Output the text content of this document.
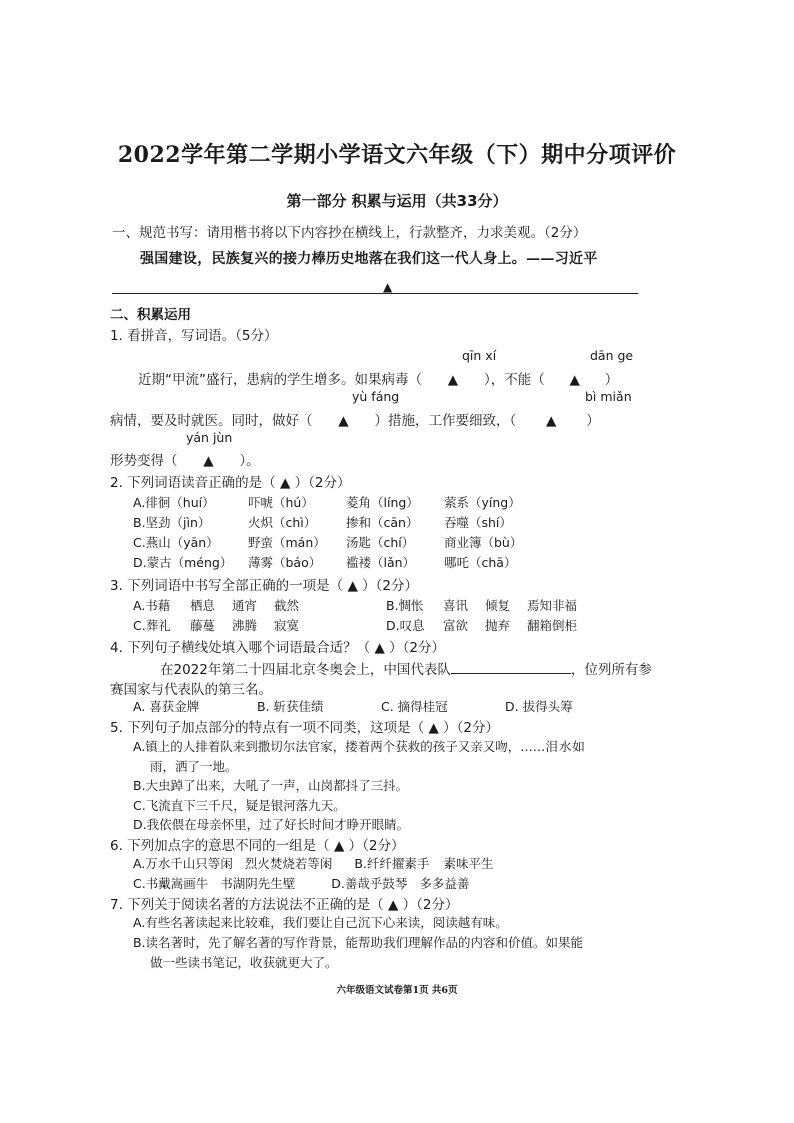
2022学年第二学期小学语文六年级（下）期中分项评价
第一部分 积累与运用（共33分）
一、规范书写：请用楷书将以下内容抄在横线上，行款整齐，力求美观。（2分）
强国建设，民族复兴的接力棒历史地落在我们这一代人身上。——习近平
▲
二、积累运用
1. 看拼音，写词语。（5分）
qīn xí	dān ge
近期“甲流”盛行，患病的学生增多。如果病毒（ ▲ ），不能（ ▲ ）
yù fáng	bì miǎn
病情，要及时就医。同时，做好（ ▲ ）措施，工作要细致，（ ▲ ）
yán jùn
形势变得（ ▲ ）。
2. 下列词语读音正确的是（ ▲ ）（2分）
A.徘徊（huí）	吓唬（hú）	菱角（líng） 萦系（yíng）
B.坚劲（jìn）	火炽（chì） 掺和（cān） 吞噬（shí）
C.燕山（yān） 野蛮（mán） 汤匙（chí） 商业簿（bù）
D.蒙古（méng） 薄雾（báo） 褴褛（lǎn） 哪吒（chā）
3. 下列词语中书写全部正确的一项是（ ▲ ）（2分）
A.书藉 栖息 通宵 截然	B.惆怅 喜讯 倾复 焉知非福
C.葬礼 藤蔓 沸腾 寂寞	D.叹息 富欲 抛弃 翻箱倒柜
4. 下列句子横线处填入哪个词语最合适？（ ▲ ）（2分）
在2022年第二十四届北京冬奥会上，中国代表队	，位列所有参
赛国家与代表队的第三名。
A. 喜获金牌	B. 斩获佳绩	C. 摘得桂冠	D. 拔得头筹
5. 下列句子加点部分的特点有一项不同类，这项是（ ▲ ）（2分）
A.镇上的人排着队来到撒切尔法官家，搂着两个获救的孩子又亲又吻，……泪水如
雨，洒了一地。
B.大虫踔了出来，大吼了一声，山岗都抖了三抖。
C.飞流直下三千尺，疑是银河落九天。
D.我依偎在母亲怀里，过了好长时间才睁开眼睛。
6. 下列加点字的意思不同的一组是（ ▲ ）（2分）
A.万水千山只等闲 • 烈火焚烧若等闲 • B.纤纤擢素 •手 素 •味平生
C.书戴 •嵩画牛 书湖阴先生壁 •	D.善 •哉乎鼓琴 多多益善 •
7. 下列关于阅读名著的方法说法不正确的是（ ▲ ）（2分）
A.有些名著读起来比较难，我们要让自己沉下心来读，阅读越有味。
B.读名著时，先了解名著的写作背景，能帮助我们理解作品的内容和价值。如果能
做一些读书笔记，收获就更大了。
六年级语文试卷第1页 共6页
